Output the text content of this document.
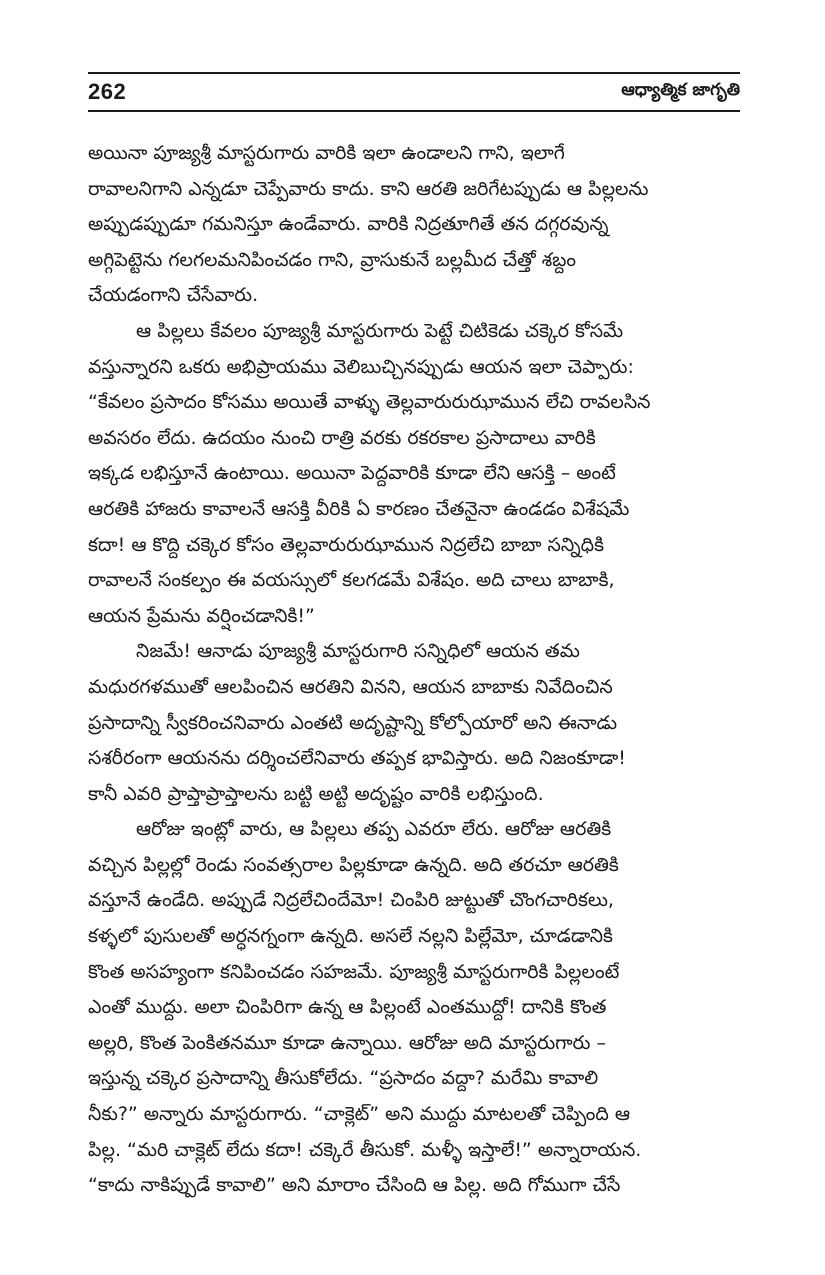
262	ఆధ్యాత్మిక జాగృతి

అయినా పూజ్యశ్రీ మాస్టరుగారు వారికి ఇలా ఉండాలని గాని, ఇలాగే
రావాలనిగాని ఎన్నడూ చెప్పేవారు కాదు. కాని ఆరతి జరిగేటప్పుడు ఆ పిల్లలను
అప్పుడప్పుడూ గమనిస్తూ ఉండేవారు. వారికి నిద్రతూగితే తన దగ్గరవున్న
అగ్గిపెట్టెను గలగలమనిపించడం గాని, వ్రాసుకునే బల్లమీద చేత్తో శబ్దం
చేయడంగాని చేసేవారు.

ఆ పిల్లలు కేవలం పూజ్యశ్రీ మాస్టరుగారు పెట్టే చిటికెడు చక్కెర కోసమే
వస్తున్నారని ఒకరు అభిప్రాయము వెలిబుచ్చినప్పుడు ఆయన ఇలా చెప్పారు:
“కేవలం ప్రసాదం కోసము అయితే వాళ్ళు తెల్లవారురుఝామున లేచి రావలసిన
అవసరం లేదు. ఉదయం నుంచి రాత్రి వరకు రకరకాల ప్రసాదాలు వారికి
ఇక్కడ లభిస్తూనే ఉంటాయి. అయినా పెద్దవారికి కూడా లేని ఆసక్తి – అంటే
ఆరతికి హాజరు కావాలనే ఆసక్తి వీరికి ఏ కారణం చేతనైనా ఉండడం విశేషమే
కదా! ఆ కొద్ది చక్కెర కోసం తెల్లవారురుఝామున నిద్రలేచి బాబా సన్నిధికి
రావాలనే సంకల్పం ఈ వయస్సులో కలగడమే విశేషం. అది చాలు బాబాకి,
ఆయన ప్రేమను వర్షించడానికి!”

నిజమే! ఆనాడు పూజ్యశ్రీ మాస్టరుగారి సన్నిధిలో ఆయన తమ
మధురగళముతో ఆలపించిన ఆరతిని వినని, ఆయన బాబాకు నివేదించిన
ప్రసాదాన్ని స్వీకరించనివారు ఎంతటి అదృష్టాన్ని కోల్పోయారో అని ఈనాడు
సశరీరంగా ఆయనను దర్శించలేనివారు తప్పక భావిస్తారు. అది నిజంకూడా!
కానీ ఎవరి ప్రాప్తాప్రాప్తాలను బట్టి అట్టి అదృష్టం వారికి లభిస్తుంది.

ఆరోజు ఇంట్లో వారు, ఆ పిల్లలు తప్ప ఎవరూ లేరు. ఆరోజు ఆరతికి
వచ్చిన పిల్లల్లో రెండు సంవత్సరాల పిల్లకూడా ఉన్నది. అది తరచూ ఆరతికి
వస్తూనే ఉండేది. అప్పుడే నిద్రలేచిందేమో! చింపిరి జుట్టుతో చొంగచారికలు,
కళ్ళలో పుసులతో అర్ధనగ్నంగా ఉన్నది. అసలే నల్లని పిల్లేమో, చూడడానికి
కొంత అసహ్యంగా కనిపించడం సహజమే. పూజ్యశ్రీ మాస్టరుగారికి పిల్లలంటే
ఎంతో ముద్దు. అలా చింపిరిగా ఉన్న ఆ పిల్లంటే ఎంతముద్దో! దానికి కొంత
అల్లరి, కొంత పెంకితనమూ కూడా ఉన్నాయి. ఆరోజు అది మాస్టరుగారు –
ఇస్తున్న చక్కెర ప్రసాదాన్ని తీసుకోలేదు. “ప్రసాదం వద్దా? మరేమి కావాలి
నీకు?” అన్నారు మాస్టరుగారు. “చాక్లెట్” అని ముద్దు మాటలతో చెప్పింది ఆ
పిల్ల. “మరి చాక్లెట్ లేదు కదా! చక్కెరే తీసుకో. మళ్ళీ ఇస్తాలే!” అన్నారాయన.
“కాదు నాకిప్పుడే కావాలి” అని మారాం చేసింది ఆ పిల్ల. అది గోముగా చేసే
